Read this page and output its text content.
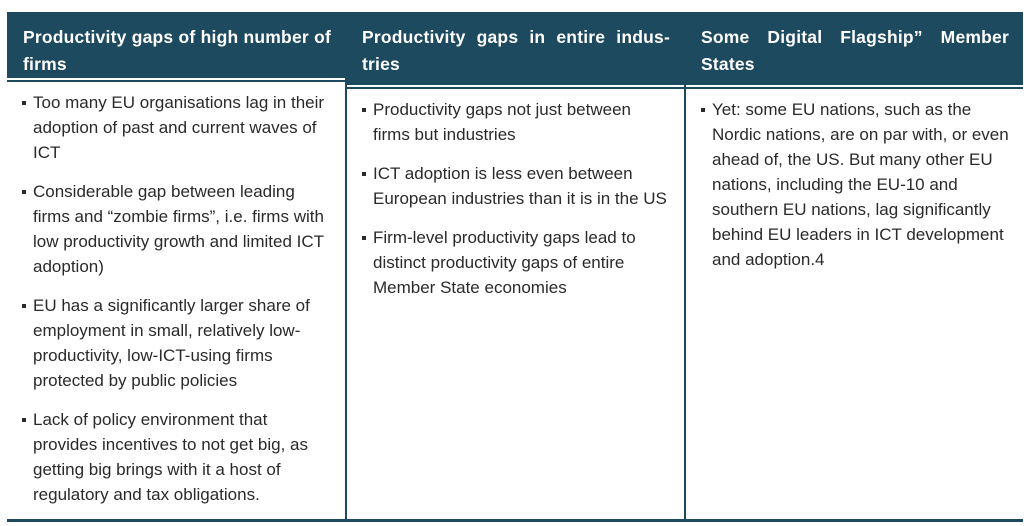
Productivity gaps of high number of firms
Too many EU organisations lag in their adoption of past and current waves of ICT
Considerable gap between leading firms and “zombie firms”, i.e. firms with low productivity growth and limited ICT adoption)
EU has a significantly larger share of employment in small, relatively low-productivity, low-ICT-using firms protected by public policies
Lack of policy environment that provides incentives to not get big, as getting big brings with it a host of regulatory and tax obligations.
Productivity gaps in entire indus-tries
Productivity gaps not just between firms but industries
ICT adoption is less even between European industries than it is in the US
Firm-level productivity gaps lead to distinct productivity gaps of entire Member State economies
Some Digital Flagship” Member States
Yet: some EU nations, such as the Nordic nations, are on par with, or even ahead of, the US. But many other EU nations, including the EU-10 and southern EU nations, lag significantly behind EU leaders in ICT development and adoption.4
